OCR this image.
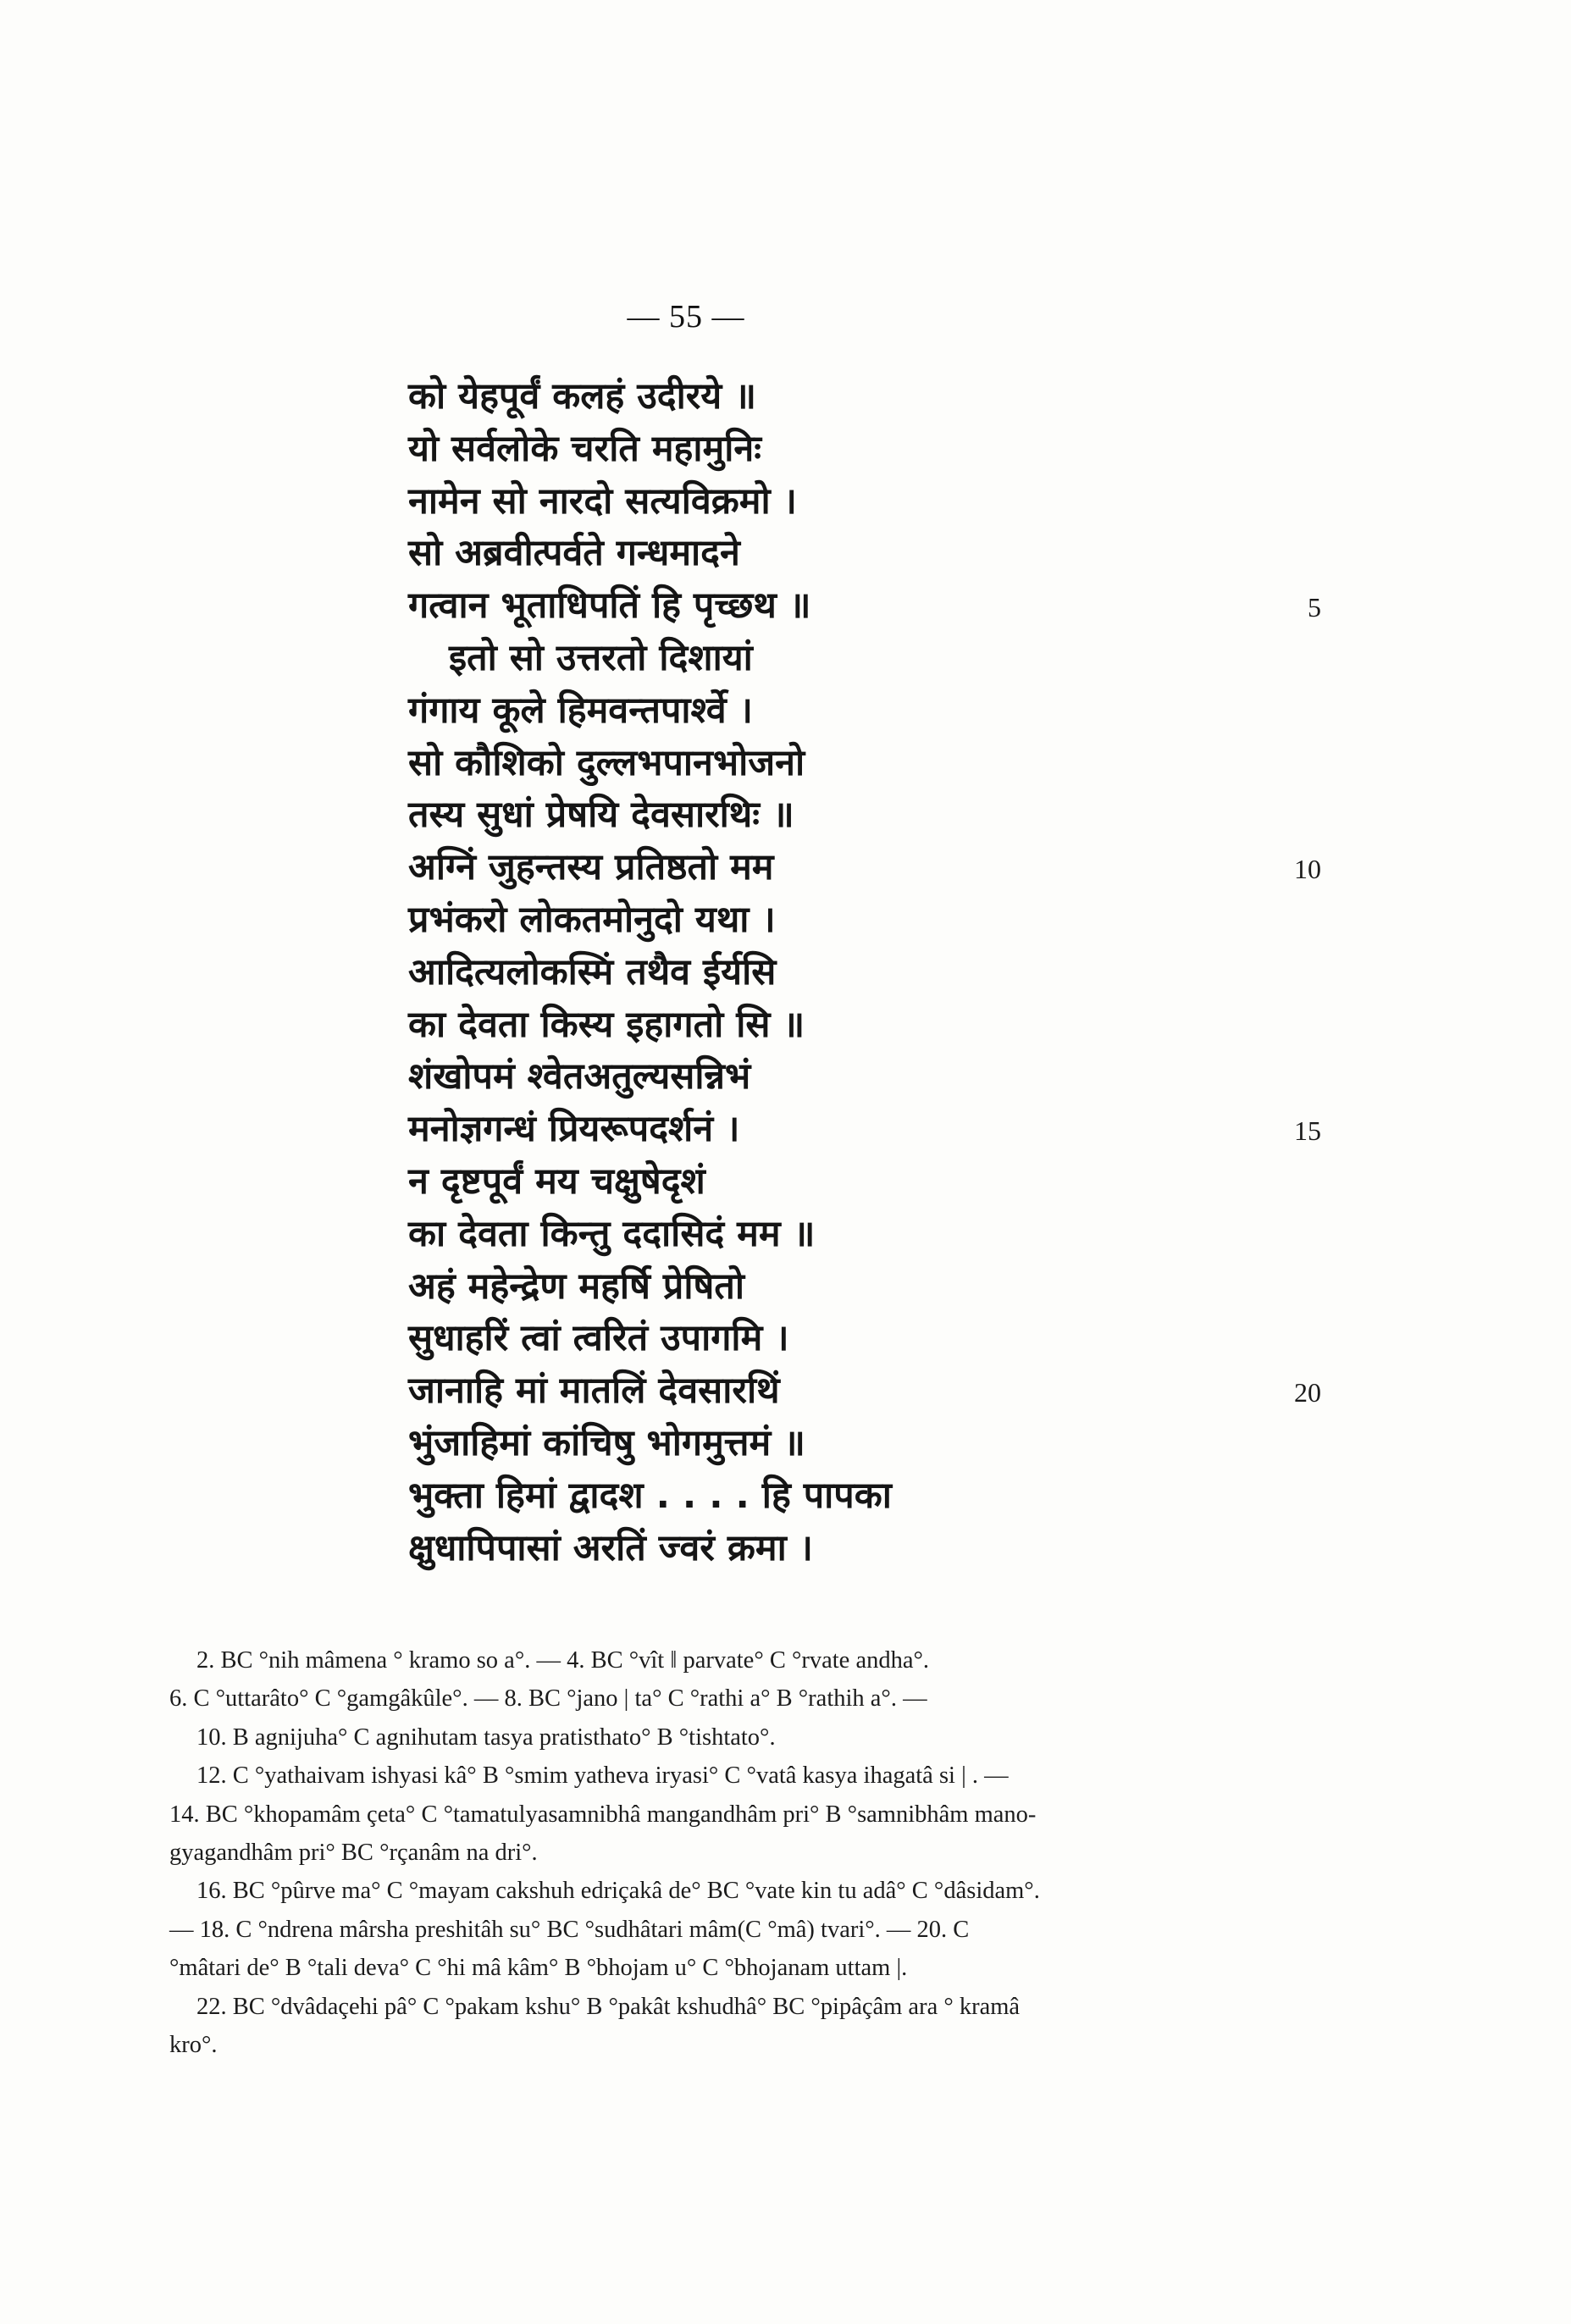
— 55 —
को येहपूर्वं कलहं उदीरये ॥
यो सर्वलोके चरति महामुनिः
नामेन सो नारदो सत्यविक्रमो ।
सो अब्रवीत्पर्वते गन्धमादने
गत्वान भूताधिपतिं हि पृच्छथ ॥
इतो सो उत्तरतो दिशायां
गंगाय कूले हिमवन्तपार्श्वे ।
सो कौशिको दुल्लभपानभोजनो
तस्य सुधां प्रेषयि देवसारथिः ॥
अग्निं जुहन्तस्य प्रतिष्ठतो मम
प्रभंकरो लोकतमोनुदो यथा ।
आदित्यलोकस्मिं तथैव ईर्यसि
का देवता किस्य इहागतो सि ॥
शंखोपमं श्वेतअतुल्यसन्निभं
मनोज्ञगन्धं प्रियरूपदर्शनं ।
न दृष्टपूर्वं मय चक्षुषेदृशं
का देवता किन्तु ददासिदं मम ॥
अहं महेन्द्रेण महर्षि प्रेषितो
सुधाहरिं त्वां त्वरितं उपागमि ।
जानाहि मां मातलिं देवसारथिं
भुंजाहिमां कांचिषु भोगमुत्तमं ॥
भुक्ता हिमां द्वादश . . . . हि पापका
क्षुधापिपासां अरतिं ज्वरं क्रमा ।
5
10
15
20
2. BC °nih mâmena ° kramo so a°. — 4. BC °vît ‖ parvate° C °rvate andha°.
6. C °uttarâto° C °gamgâkûle°. — 8. BC °jano | ta° C °rathi a° B °rathih a°. —
10. B agnijuha° C agnihutam tasya pratisthato° B °tishtato°.
12. C °yathaivam ishyasi kâ° B °smim yatheva iryasi° C °vatâ kasya ihagatâ si | . —
14. BC °khopamâm çeta° C °tamatulyasamnibhâ mangandhâm pri° B °samnibhâm mano-
gyagandhâm pri° BC °rçanâm na dri°.
16. BC °pûrve ma° C °mayam cakshuh edriçakâ de° BC °vate kin tu adâ° C °dâsidam°.
— 18. C °ndrena mârsha preshitâh su° BC °sudhâtari mâm(C °mâ) tvari°. — 20. C
°mâtari de° B °tali deva° C °hi mâ kâm° B °bhojam u° C °bhojanam uttam |.
22. BC °dvâdaçehi pâ° C °pakam kshu° B °pakât kshudhâ° BC °pipâçâm ara ° kramâ
kro°.
